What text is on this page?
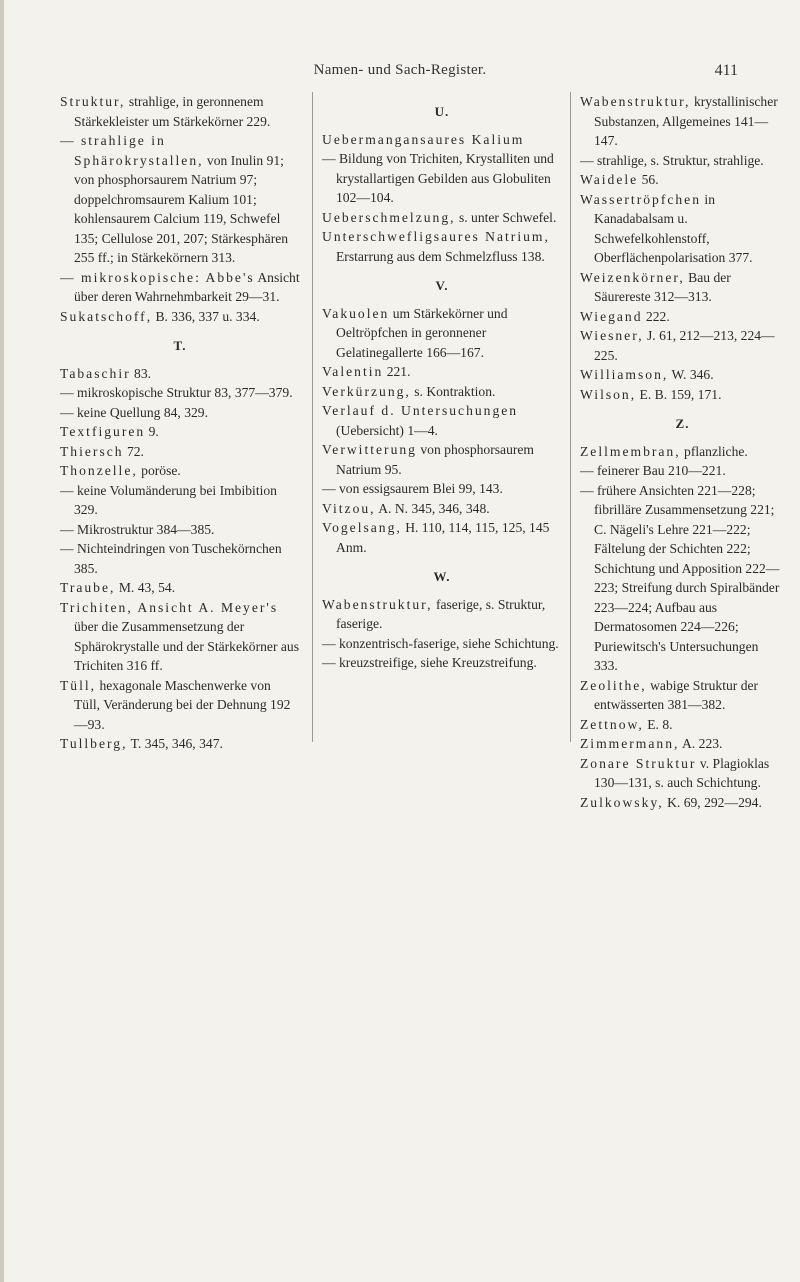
Namen- und Sach-Register.	411

Struktur, strahlige, in geronnenem Stärkekleister um Stärkekörner 229.

— strahlige in Sphärokrystallen, von Inulin 91; von phosphorsaurem Natrium 97; doppelchromsaurem Kalium 101; kohlensaurem Calcium 119, Schwefel 135; Cellulose 201, 207; Stärkesphären 255 ff.; in Stärkekörnern 313.

— mikroskopische: Abbe's Ansicht über deren Wahrnehmbarkeit 29—31.

Sukatschoff, B. 336, 337 u. 334.

T.

Tabaschir 83.

— mikroskopische Struktur 83, 377—379.

— keine Quellung 84, 329.

Textfiguren 9.

Thiersch 72.

Thonzelle, poröse.

— keine Volumänderung bei Imbibition 329.

— Mikrostruktur 384—385.

— Nichteindringen von Tuschekörnchen 385.

Traube, M. 43, 54.

Trichiten, Ansicht A. Meyer's über die Zusammensetzung der Sphärokrystalle und der Stärkekörner aus Trichiten 316 ff.

Tüll, hexagonale Maschenwerke von Tüll, Veränderung bei der Dehnung 192—93.

Tullberg, T. 345, 346, 347.

U.

Uebermangansaures Kalium

— Bildung von Trichiten, Krystalliten und krystallartigen Gebilden aus Globuliten 102—104.

Ueberschmelzung, s. unter Schwefel.

Unterschwefligsaures Natrium, Erstarrung aus dem Schmelzfluss 138.

V.

Vakuolen um Stärkekörner und Oeltröpfchen in geronnener Gelatinegallerte 166—167.

Valentin 221.

Verkürzung, s. Kontraktion.

Verlauf d. Untersuchungen (Uebersicht) 1—4.

Verwitterung von phosphorsaurem Natrium 95.

— von essigsaurem Blei 99, 143.

Vitzou, A. N. 345, 346, 348.

Vogelsang, H. 110, 114, 115, 125, 145 Anm.

W.

Wabenstruktur, faserige, s. Struktur, faserige.

— konzentrisch-faserige, siehe Schichtung.

— kreuzstreifige, siehe Kreuzstreifung.

Wabenstruktur, krystallinischer Substanzen, Allgemeines 141—147.

— strahlige, s. Struktur, strahlige.

Waidele 56.

Wassertröpfchen in Kanadabalsam u. Schwefelkohlenstoff, Oberflächenpolarisation 377.

Weizenkörner, Bau der Säurereste 312—313.

Wiegand 222.

Wiesner, J. 61, 212—213, 224—225.

Williamson, W. 346.

Wilson, E. B. 159, 171.

Z.

Zellmembran, pflanzliche.

— feinerer Bau 210—221.

— frühere Ansichten 221—228; fibrilläre Zusammensetzung 221; C. Nägeli's Lehre 221—222; Fältelung der Schichten 222; Schichtung und Apposition 222—223; Streifung durch Spiralbänder 223—224; Aufbau aus Dermatosomen 224—226; Puriewitsch's Untersuchungen 333.

Zeolithe, wabige Struktur der entwässerten 381—382.

Zettnow, E. 8.

Zimmermann, A. 223.

Zonare Struktur v. Plagioklas 130—131, s. auch Schichtung.

Zulkowsky, K. 69, 292—294.
